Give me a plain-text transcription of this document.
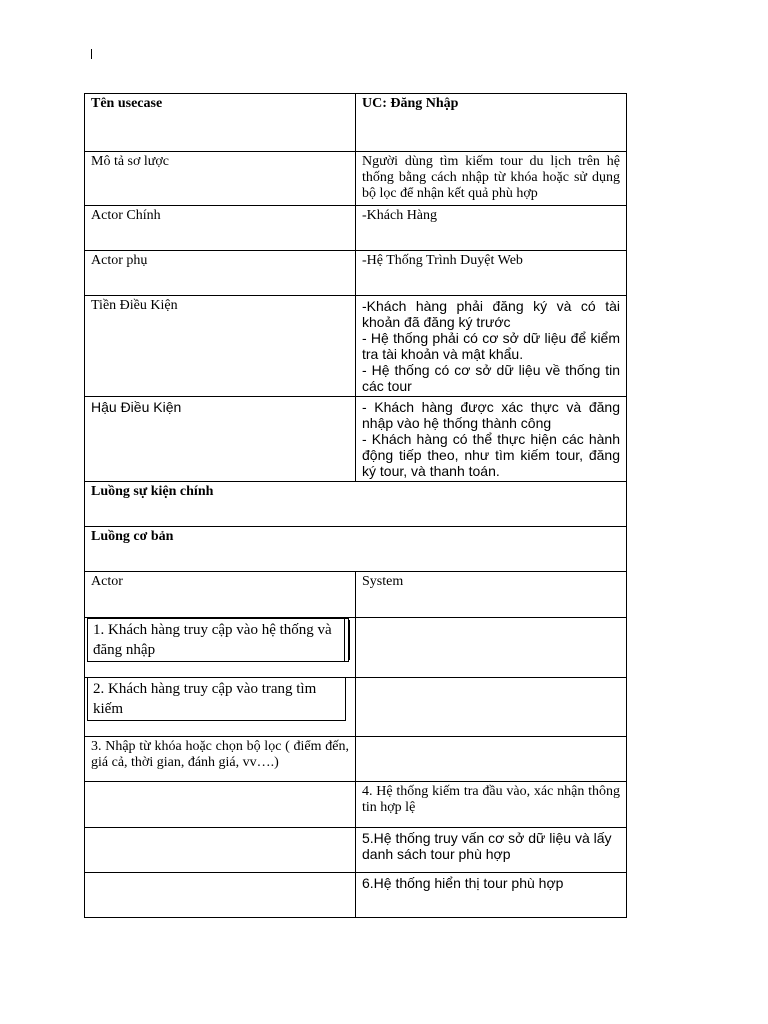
Tên usecase	UC: Đăng Nhập
Mô tả sơ lược	Người dùng tìm kiếm tour du lịch trên hệ thống bằng cách nhập từ khóa hoặc sử dụng bộ lọc để nhận kết quả phù hợp
Actor Chính	-Khách Hàng
Actor phụ	-Hệ Thống Trình Duyệt Web
Tiền Điều Kiện	-Khách hàng phải đăng ký và có tài khoản đã đăng ký trước
- Hệ thống phải có cơ sở dữ liệu để kiểm tra tài khoản và mật khẩu.
- Hệ thống có cơ sở dữ liệu về thống tin các tour

Hậu Điều Kiện	- Khách hàng được xác thực và đăng nhập vào hệ thống thành công
- Khách hàng có thể thực hiện các hành động tiếp theo, như tìm kiếm tour, đăng ký tour, và thanh toán.

Luồng sự kiện chính	
Luồng cơ bản	
Actor	System

1. Khách hàng truy cập vào hệ thống và đăng nhập	

2. Khách hàng truy cập vào trang tìm kiếm	

3. Nhập từ khóa hoặc chọn bộ lọc ( điểm đến, giá cả, thời gian, đánh giá, vv….)	
	4. Hệ thống kiếm tra đầu vào, xác nhận thông tin hợp lệ
	5.Hệ thống truy vấn cơ sở dữ liệu và lấy danh sách tour phù hợp
	6.Hệ thống hiển thị tour phù hợp
